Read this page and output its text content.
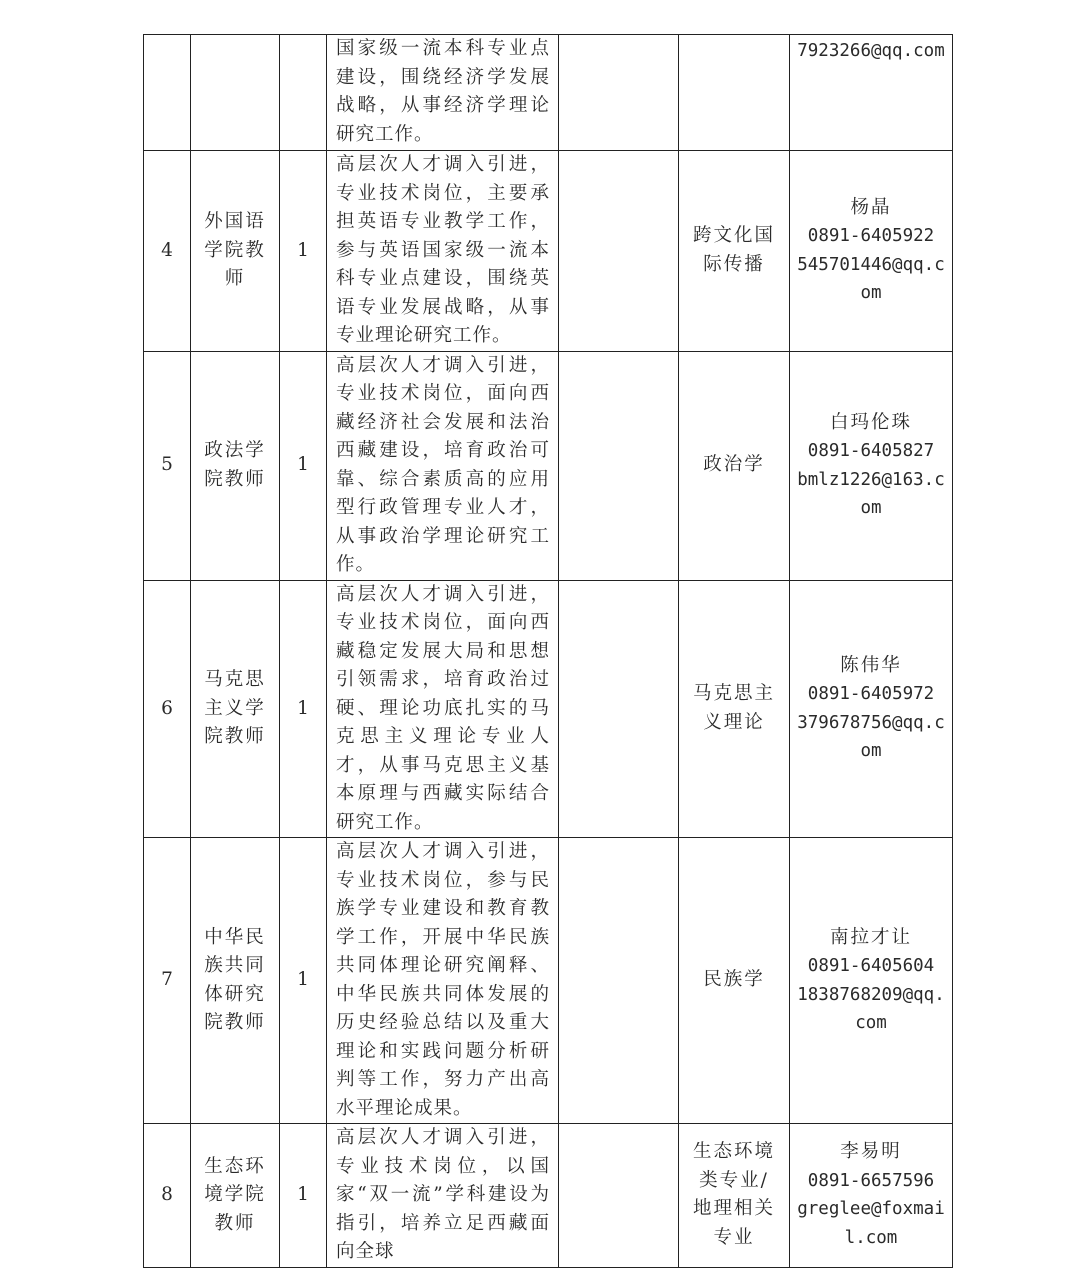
			国家级一流本科专业点建设，围绕经济学发展战略，从事经济学理论研究工作。			7923266@qq.com

4	外国语学院教师	1	高层次人才调入引进，专业技术岗位，主要承担英语专业教学工作，参与英语国家级一流本科专业点建设，围绕英语专业发展战略，从事专业理论研究工作。		跨文化国际传播	杨晶
0891-6405922
545701446@qq.com

5	政法学院教师	1	高层次人才调入引进，专业技术岗位，面向西藏经济社会发展和法治西藏建设，培育政治可靠、综合素质高的应用型行政管理专业人才，从事政治学理论研究工作。		政治学	白玛伦珠
0891-6405827
bmlz1226@163.com

6	马克思主义学院教师	1	高层次人才调入引进，专业技术岗位，面向西藏稳定发展大局和思想引领需求，培育政治过硬、理论功底扎实的马克思主义理论专业人才，从事马克思主义基本原理与西藏实际结合研究工作。		马克思主义理论	陈伟华
0891-6405972
379678756@qq.com

7	中华民族共同体研究院教师	1	高层次人才调入引进，专业技术岗位，参与民族学专业建设和教育教学工作，开展中华民族共同体理论研究阐释、中华民族共同体发展的历史经验总结以及重大理论和实践问题分析研判等工作，努力产出高水平理论成果。		民族学	南拉才让
0891-6405604
1838768209@qq.com

8	生态环境学院教师	1	高层次人才调入引进，专业技术岗位，以国家“双一流”学科建设为指引，培养立足西藏面向全球		生态环境类专业/地理相关专业	李易明
0891-6657596
greglee@foxmail.com
